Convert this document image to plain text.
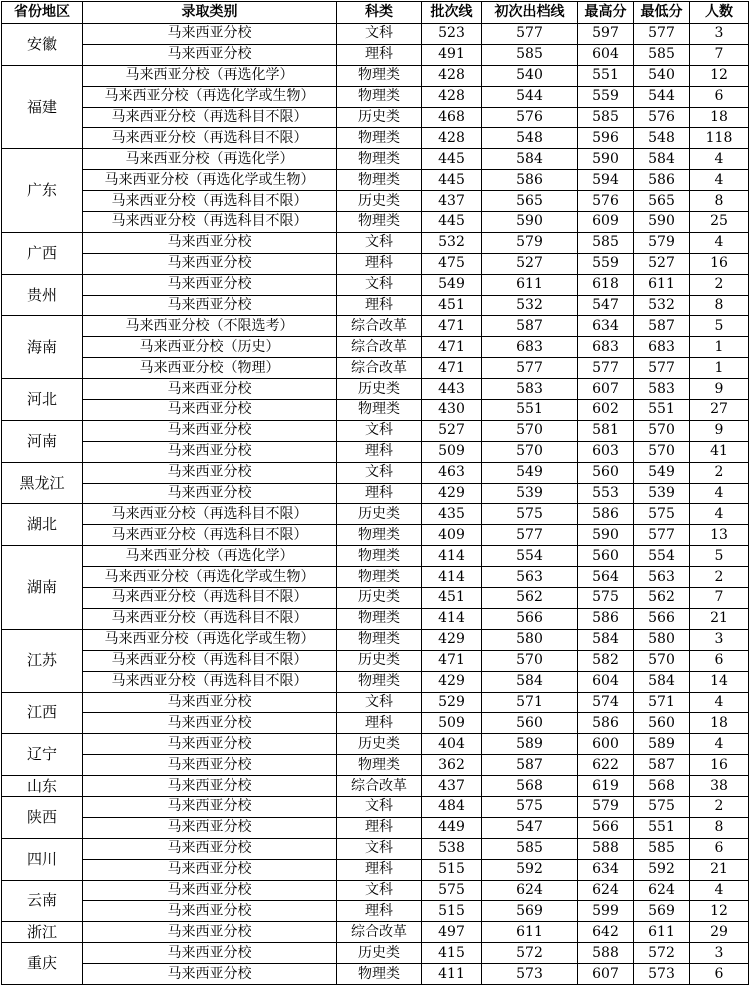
省份地区	录取类别	科类	批次线	初次出档线	最高分	最低分	人数
安徽	马来西亚分校	文科	523	577	597	577	3
	马来西亚分校	理科	491	585	604	585	7
福建	马来西亚分校（再选化学）	物理类	428	540	551	540	12
	马来西亚分校（再选化学或生物）	物理类	428	544	559	544	6
	马来西亚分校（再选科目不限）	历史类	468	576	585	576	18
	马来西亚分校（再选科目不限）	物理类	428	548	596	548	118
广东	马来西亚分校（再选化学）	物理类	445	584	590	584	4
	马来西亚分校（再选化学或生物）	物理类	445	586	594	586	4
	马来西亚分校（再选科目不限）	历史类	437	565	576	565	8
	马来西亚分校（再选科目不限）	物理类	445	590	609	590	25
广西	马来西亚分校	文科	532	579	585	579	4
	马来西亚分校	理科	475	527	559	527	16
贵州	马来西亚分校	文科	549	611	618	611	2
	马来西亚分校	理科	451	532	547	532	8
海南	马来西亚分校（不限选考）	综合改革	471	587	634	587	5
	马来西亚分校（历史）	综合改革	471	683	683	683	1
	马来西亚分校（物理）	综合改革	471	577	577	577	1
河北	马来西亚分校	历史类	443	583	607	583	9
	马来西亚分校	物理类	430	551	602	551	27
河南	马来西亚分校	文科	527	570	581	570	9
	马来西亚分校	理科	509	570	603	570	41
黑龙江	马来西亚分校	文科	463	549	560	549	2
	马来西亚分校	理科	429	539	553	539	4
湖北	马来西亚分校（再选科目不限）	历史类	435	575	586	575	4
	马来西亚分校（再选科目不限）	物理类	409	577	590	577	13
湖南	马来西亚分校（再选化学）	物理类	414	554	560	554	5
	马来西亚分校（再选化学或生物）	物理类	414	563	564	563	2
	马来西亚分校（再选科目不限）	历史类	451	562	575	562	7
	马来西亚分校（再选科目不限）	物理类	414	566	586	566	21
江苏	马来西亚分校（再选化学或生物）	物理类	429	580	584	580	3
	马来西亚分校（再选科目不限）	历史类	471	570	582	570	6
	马来西亚分校（再选科目不限）	物理类	429	584	604	584	14
江西	马来西亚分校	文科	529	571	574	571	4
	马来西亚分校	理科	509	560	586	560	18
辽宁	马来西亚分校	历史类	404	589	600	589	4
	马来西亚分校	物理类	362	587	622	587	16
山东	马来西亚分校	综合改革	437	568	619	568	38
陕西	马来西亚分校	文科	484	575	579	575	2
	马来西亚分校	理科	449	547	566	551	8
四川	马来西亚分校	文科	538	585	588	585	6
	马来西亚分校	理科	515	592	634	592	21
云南	马来西亚分校	文科	575	624	624	624	4
	马来西亚分校	理科	515	569	599	569	12
浙江	马来西亚分校	综合改革	497	611	642	611	29
重庆	马来西亚分校	历史类	415	572	588	572	3
	马来西亚分校	物理类	411	573	607	573	6
